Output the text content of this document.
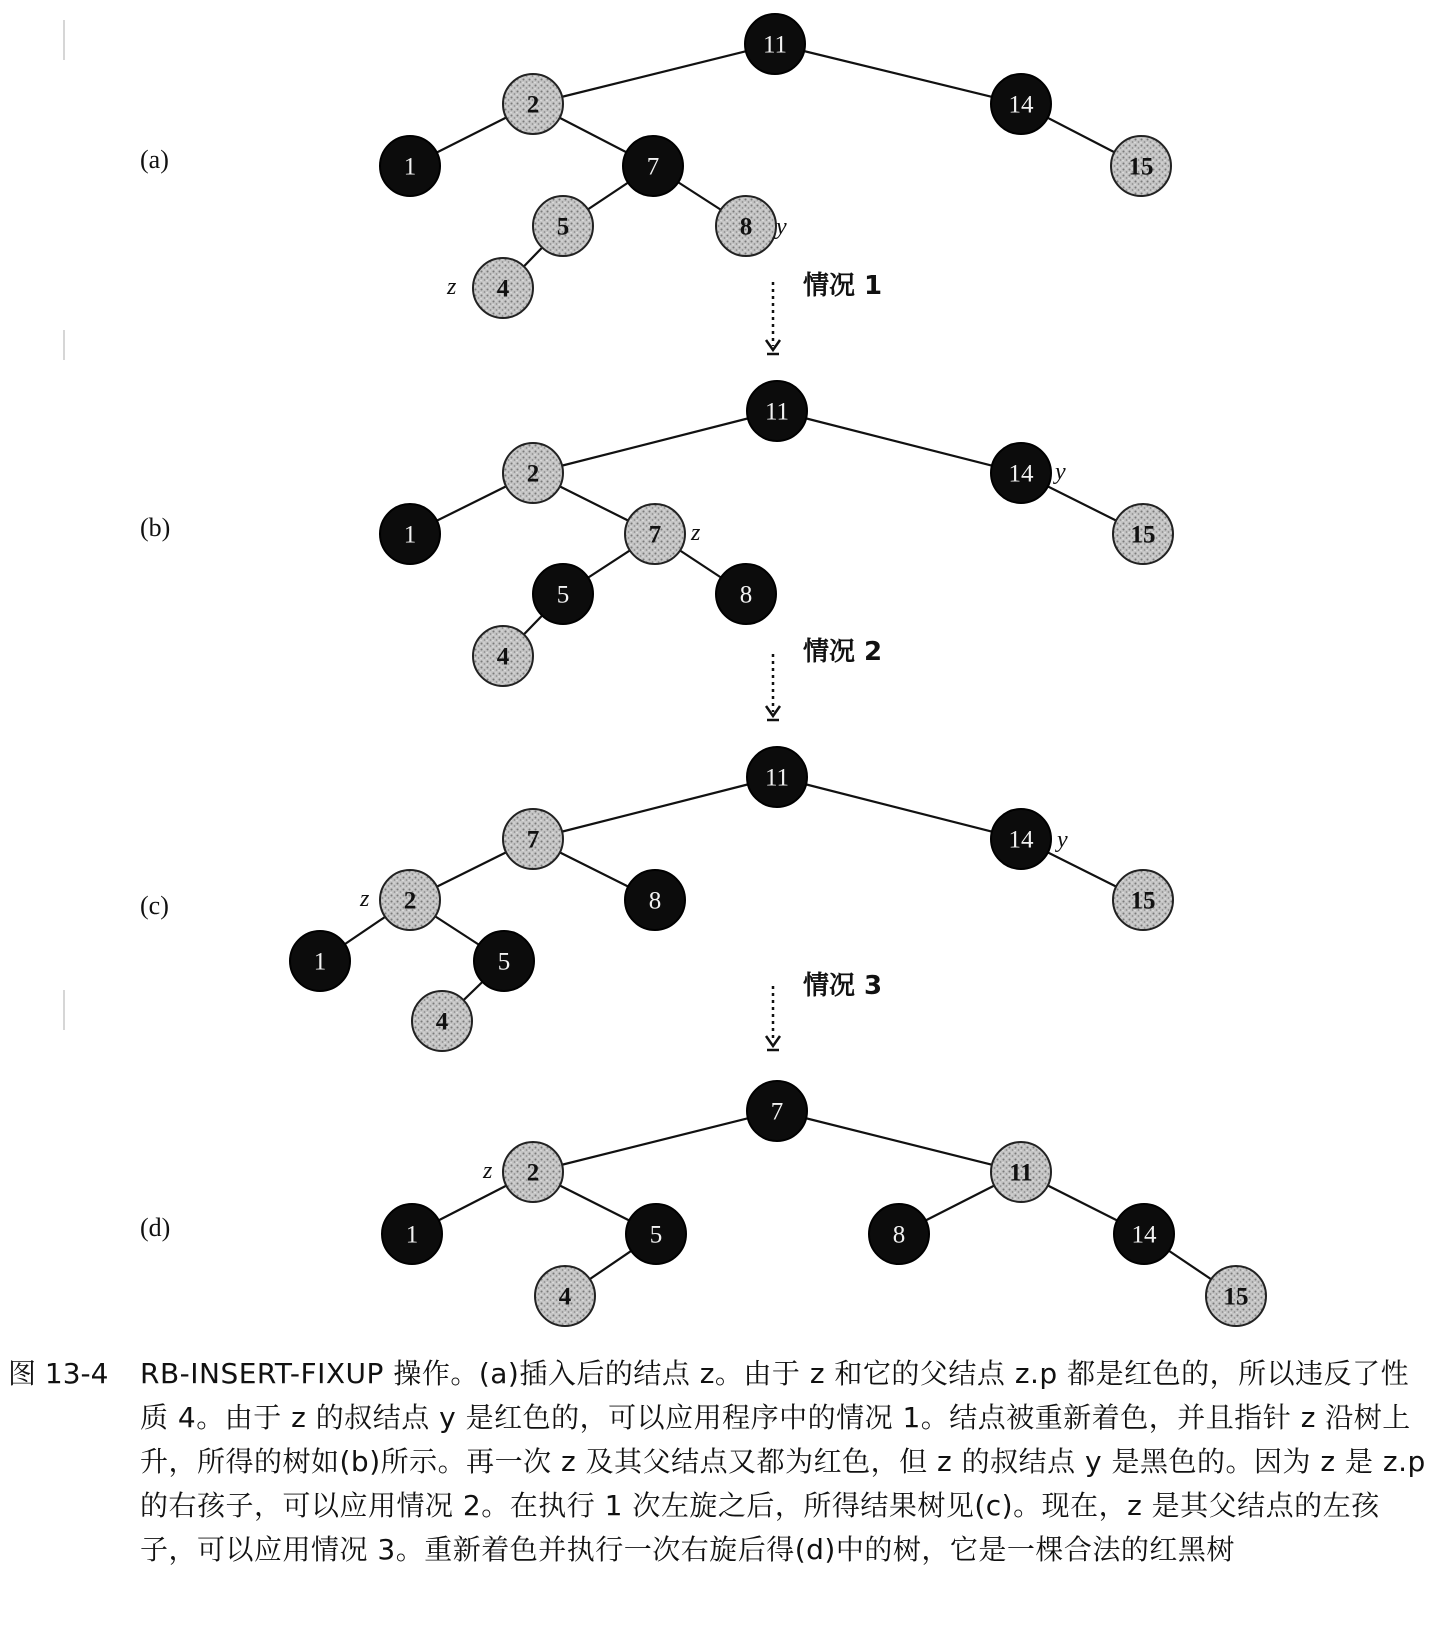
(a)
11
2	14
1	7	15
5	8 y
4
z
(b)
11
2	14 y
1	7 z	15
5	8
4
(c)
11
7	14 y
2
z	8	15
1	5
4
(d)
7
2
z	11
1	5	8	14
4	15
情况 1
情况 2
情况 3
图 13-4 RB-INSERT-FIXUP 操作。(a)插入后的结点 z。由于 z 和它的父结点 z.p 都是红色的，所以违反了性质 4。由于 z 的叔结点 y 是红色的，可以应用程序中的情况 1。结点被重新着色，并且指针 z 沿树上升，所得的树如(b)所示。再一次 z 及其父结点又都为红色，但 z 的叔结点 y 是黑色的。因为 z 是 z.p 的右孩子，可以应用情况 2。在执行 1 次左旋之后，所得结果树见(c)。现在，z 是其父结点的左孩子，可以应用情况 3。重新着色并执行一次右旋后得(d)中的树，它是一棵合法的红黑树
